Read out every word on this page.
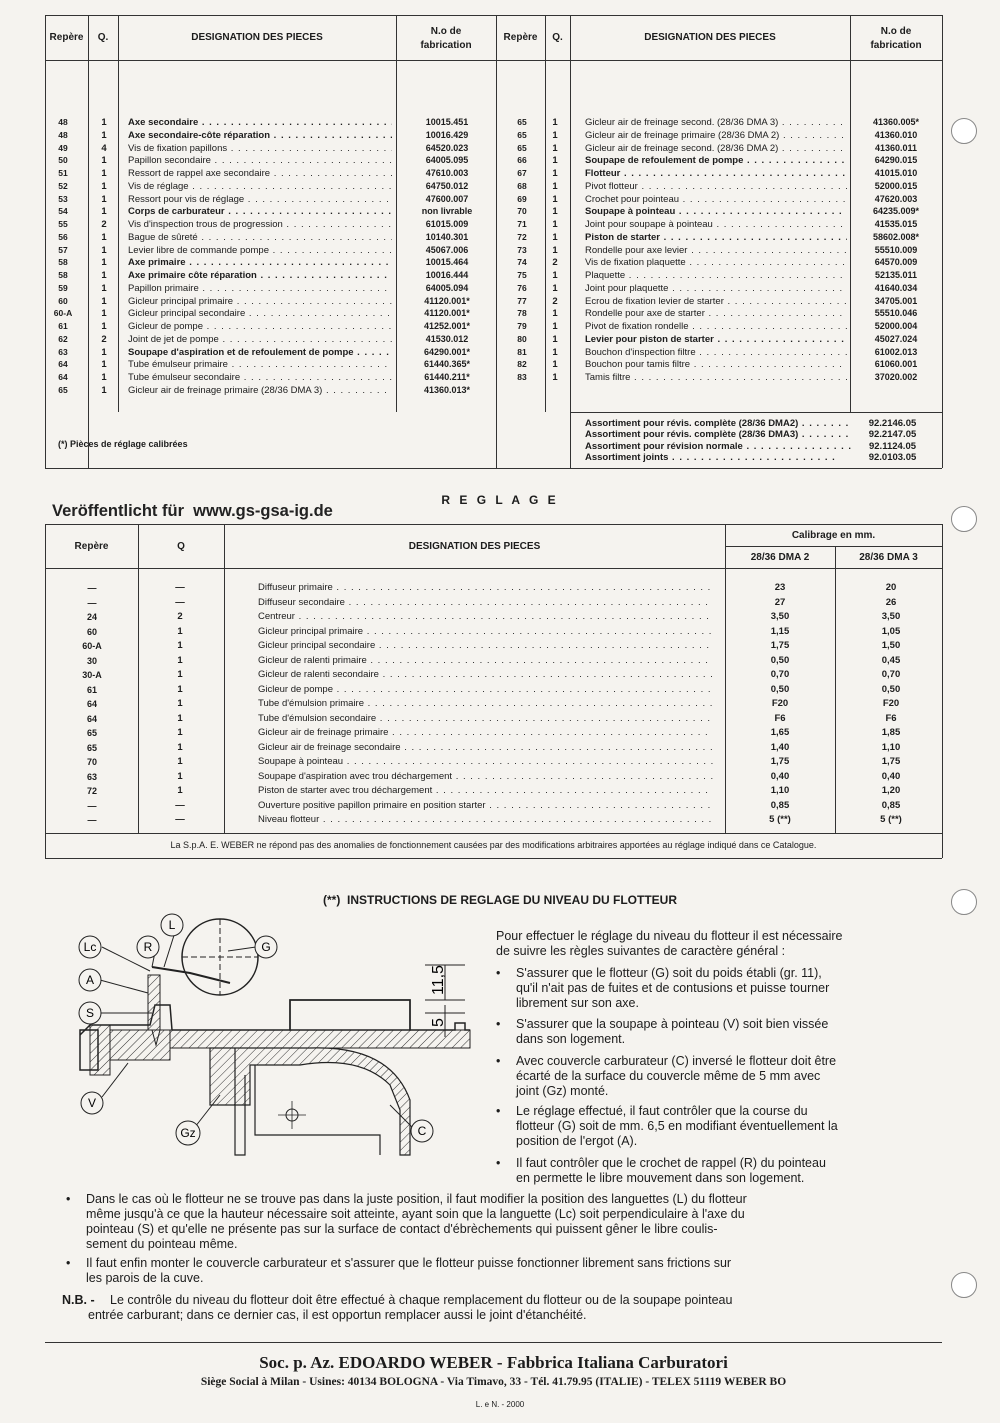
Repère	Q.	DESIGNATION DES PIECES
N.o de
fabrication
Repère	Q.	DESIGNATION DES PIECES
N.o de
fabrication
48	1 Axe secondaire . . .	10015.451
48	1 Axe secondaire-côte réparation . . .	10016.429
49	4 Vis de fixation papillons . . .	64520.023
50	1 Papillon secondaire . . .	64005.095
51	1 Ressort de rappel axe secondaire . . .	47610.003
52	1 Vis de réglage . . .	64750.012
53	1 Ressort pour vis de réglage . . .	47600.007
54	1 Corps de carburateur . . .	non livrable
55	2 Vis d'inspection trous de progression . . .	61015.009
56	1 Bague de sûreté . . .	10140.301
57	1 Levier libre de commande pompe . . .	45067.006
58	1 Axe primaire . . .	10015.464
58	1 Axe primaire côte réparation . . .	10016.444
59	1 Papillon primaire . . .	64005.094
60	1 Gicleur principal primaire . . .	41120.001*
60-A	1 Gicleur principal secondaire . . .	41120.001*
61	1 Gicleur de pompe . . .	41252.001*
62	2 Joint de jet de pompe . . .	41530.012
63	1 Soupape d'aspiration et de refoulement de pompe . . .	64290.001*
64	1 Tube émulseur primaire . . .	61440.365*
64	1 Tube émulseur secondaire . . .	61440.211*
65	1 Gicleur air de freinage primaire (28/36 DMA 3) . . .	41360.013*
65	1	Gicleur air de freinage second. (28/36 DMA 3) . . .	41360.005*
65	1	Gicleur air de freinage primaire (28/36 DMA 2) . . .	41360.010
65	1	Gicleur air de freinage second. (28/36 DMA 2) . . .	41360.011
66	1	Soupape de refoulement de pompe . . .	64290.015
67	1	Flotteur . . .	41015.010
68	1	Pivot flotteur . . .	52000.015
69	1	Crochet pour pointeau . . .	47620.003
70	1	Soupape à pointeau . . .	64235.009*
71	1	Joint pour soupape à pointeau . . .	41535.015
72	1	Piston de starter . . .	58602.008*
73	1	Rondelle pour axe levier . . .	55510.009
74	2	Vis de fixation plaquette . . .	64570.009
75	1	Plaquette . . .	52135.011
76	1	Joint pour plaquette . . .	41640.034
77	2	Ecrou de fixation levier de starter . . .	34705.001
78	1	Rondelle pour axe de starter . . .	55510.046
79	1	Pivot de fixation rondelle . . .	52000.004
80	1	Levier pour piston de starter . . .	45027.024
81	1	Bouchon d'inspection filtre . . .	61002.013
82	1	Bouchon pour tamis filtre . . .	61060.001
83	1	Tamis filtre . . .	37020.002
(*) Pièces de réglage calibrées
Assortiment pour révis. complète (28/36 DMA2) . . .	92.2146.05
Assortiment pour révis. complète (28/36 DMA3) . . .	92.2147.05
Assortiment pour révision normale . . .	92.1124.05
Assortiment joints . . .	92.0103.05
R E G L A G E
Veröffentlicht für  www.gs-gsa-ig.de
Repère	Q	DESIGNATION DES PIECES
Calibrage en mm.
28/36 DMA 2	28/36 DMA 3
—	—	Diffuseur primaire . . .	23	20
—	—	Diffuseur secondaire . . .	27	26
24	2	Centreur . . .	3,50	3,50
60	1	Gicleur principal primaire . . .	1,15	1,05
60-A	1	Gicleur principal secondaire . . .	1,75	1,50
30	1	Gicleur de ralenti primaire . . .	0,50	0,45
30-A	1	Gicleur de ralenti secondaire . . .	0,70	0,70
61	1	Gicleur de pompe . . .	0,50	0,50
64	1	Tube d'émulsion primaire . . .	F20	F20
64	1	Tube d'émulsion secondaire . . .	F6	F6
65	1	Gicleur air de freinage primaire . . .	1,65	1,85
65	1	Gicleur air de freinage secondaire . . .	1,40	1,10
70	1	Soupape à pointeau . . .	1,75	1,75
63	1	Soupape d'aspiration avec trou déchargement . . .	0,40	0,40
72	1	Piston de starter avec trou déchargement . . .	1,10	1,20
—	—	Ouverture positive papillon primaire en position starter . . .	0,85	0,85
—	—	Niveau flotteur . . .	5 (**)	5 (**)
La S.p.A. E. WEBER ne répond pas des anomalies de fonctionnement causées par des modifications arbitraires apportées au réglage indiqué dans ce Catalogue.
(**)  INSTRUCTIONS DE REGLAGE DU NIVEAU DU FLOTTEUR
11,5
5
Lc	R
L
G
A
S
V
Gz	C
Pour effectuer le réglage du niveau du flotteur il est nécessaire
de suivre les règles suivantes de caractère général :
• S'assurer que le flotteur (G) soit du poids établi (gr. 11),
qu'il n'ait pas de fuites et de contusions et puisse tourner
librement sur son axe.
• S'assurer que la soupape à pointeau (V) soit bien vissée
dans son logement.
• Avec couvercle carburateur (C) inversé le flotteur doit être
écarté de la surface du couvercle même de 5 mm avec
joint (Gz) monté.
• Le réglage effectué, il faut contrôler que la course du
flotteur (G) soit de mm. 6,5 en modifiant éventuellement la
position de l'ergot (A).
• Il faut contrôler que le crochet de rappel (R) du pointeau
en permette le libre mouvement dans son logement.
• Dans le cas où le flotteur ne se trouve pas dans la juste position, il faut modifier la position des languettes (L) du flotteur
même jusqu'à ce que la hauteur nécessaire soit atteinte, ayant soin que la languette (Lc) soit perpendiculaire à l'axe du
pointeau (S) et qu'elle ne présente pas sur la surface de contact d'ébrèchements qui puissent gêner le libre coulis-
sement du pointeau même.
• Il faut enfin monter le couvercle carburateur et s'assurer que le flotteur puisse fonctionner librement sans frictions sur
les parois de la cuve.
N.B. - Le contrôle du niveau du flotteur doit être effectué à chaque remplacement du flotteur ou de la soupape pointeau
entrée carburant; dans ce dernier cas, il est opportun remplacer aussi le joint d'étanchéité.
Soc. p. Az. EDOARDO WEBER - Fabbrica Italiana Carburatori
Siège Social à Milan - Usines: 40134 BOLOGNA - Via Timavo, 33 - Tél. 41.79.95 (ITALIE) - TELEX 51119 WEBER BO
L. e N. - 2000
